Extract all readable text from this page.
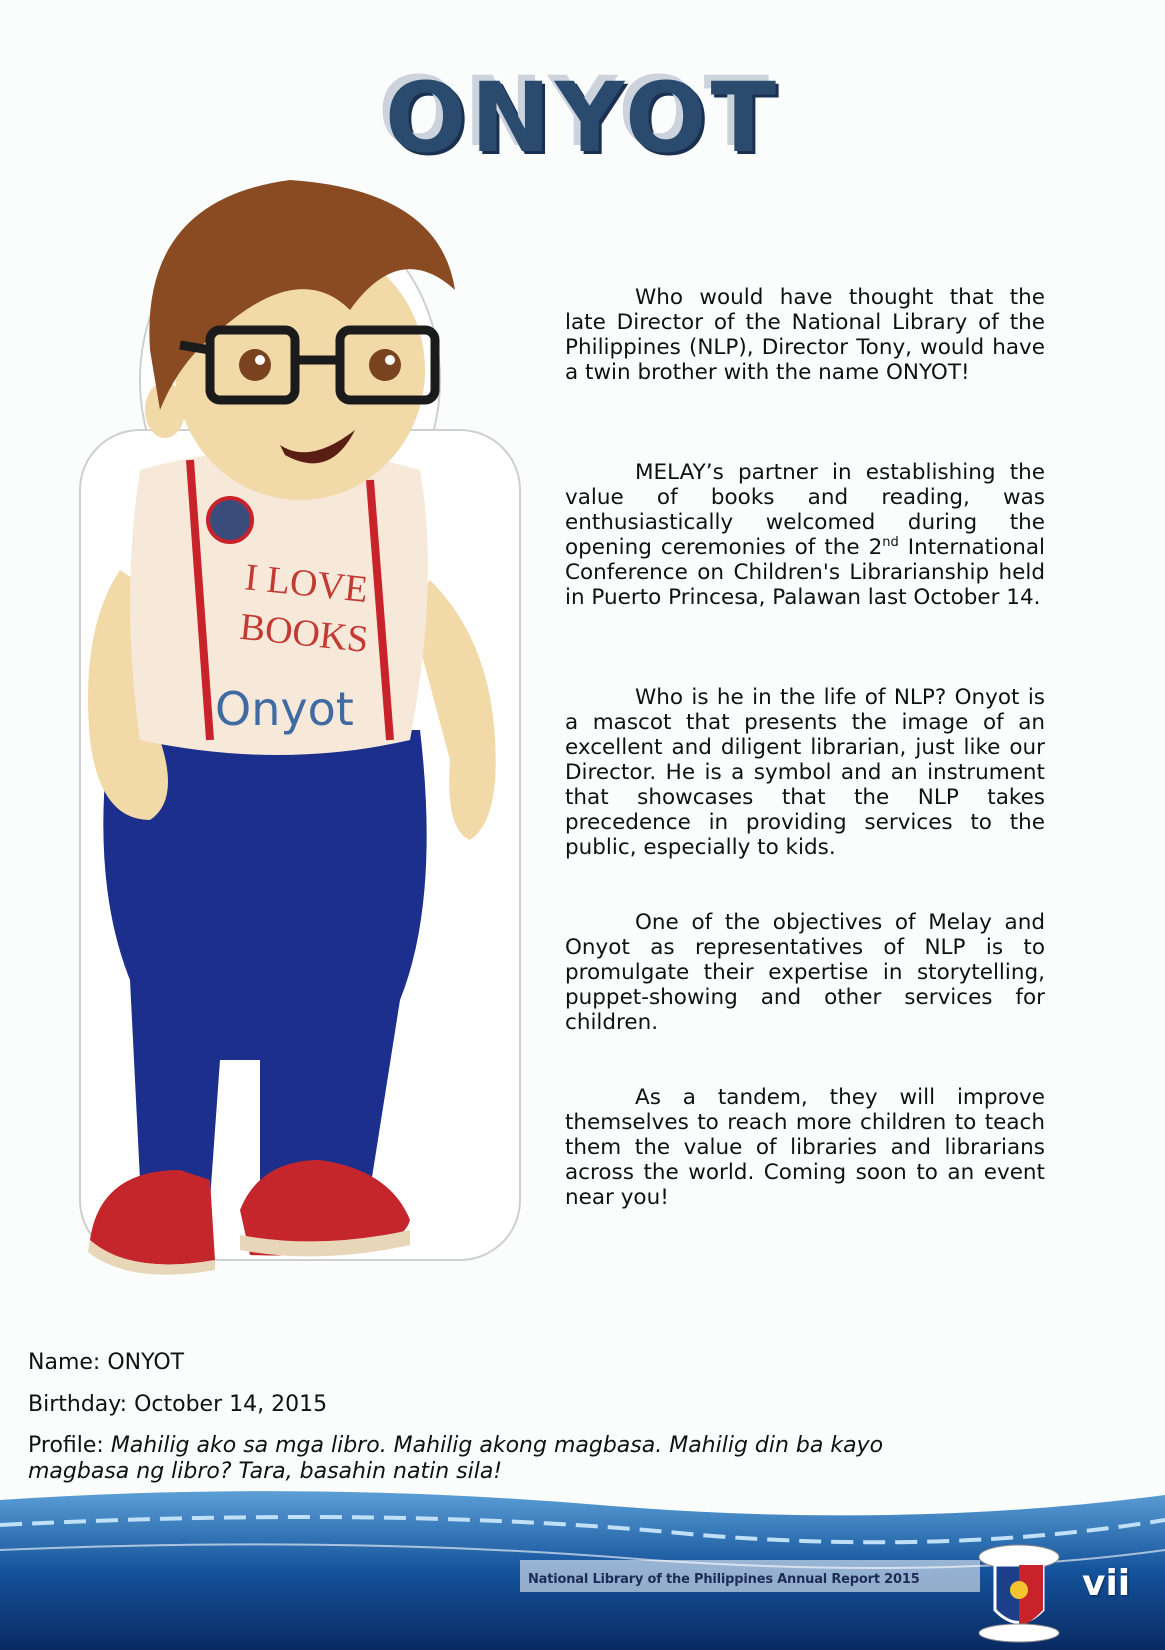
ONYOT
I LOVE
BOOKS
Onyot

Who would have thought that the late Director of the National Library of the Philippines (NLP), Director Tony, would have a twin brother with the name ONYOT!

MELAY’s partner in establishing the value of books and reading, was enthusiastically welcomed during the opening ceremonies of the 2nd International Conference on Children's Librarianship held in Puerto Princesa, Palawan last October 14.

Who is he in the life of NLP? Onyot is a mascot that presents the image of an excellent and diligent librarian, just like our Director. He is a symbol and an instrument that showcases that the NLP takes precedence in providing services to the public, especially to kids.

One of the objectives of Melay and Onyot as representatives of NLP is to promulgate their expertise in storytelling, puppet-showing and other services for children.

As a tandem, they will improve themselves to reach more children to teach them the value of libraries and librarians across the world. Coming soon to an event near you!

Name: ONYOT
Birthday: October 14, 2015
Profile: Mahilig ako sa mga libro. Mahilig akong magbasa. Mahilig din ba kayo magbasa ng libro? Tara, basahin natin sila!
National Library of the Philippines Annual Report 2015	vii
